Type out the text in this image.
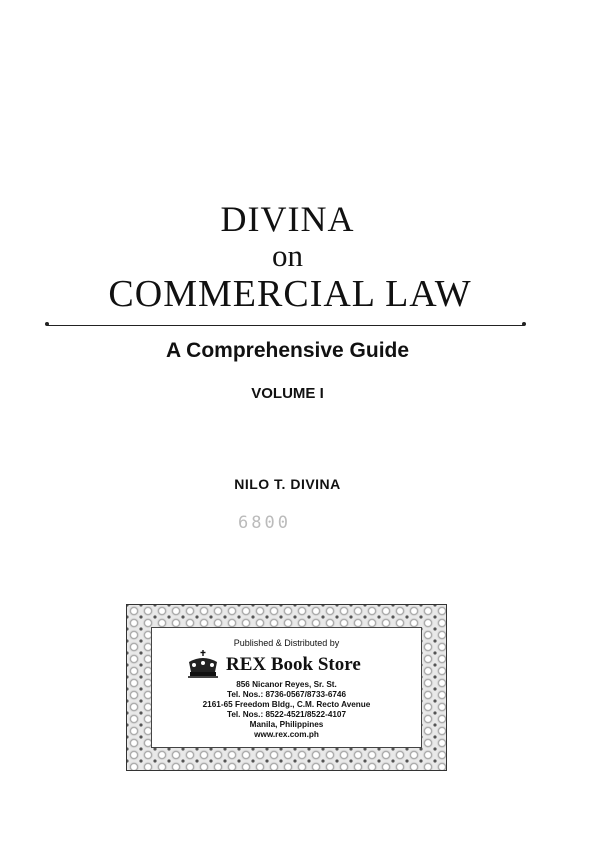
DIVINA
on
COMMERCIAL LAW
A Comprehensive Guide
VOLUME I
NILO T. DIVINA
6800
Published & Distributed by
REX Book Store
856 Nicanor Reyes, Sr. St.
Tel. Nos.: 8736-0567/8733-6746
2161-65 Freedom Bldg., C.M. Recto Avenue
Tel. Nos.: 8522-4521/8522-4107
Manila, Philippines
www.rex.com.ph
